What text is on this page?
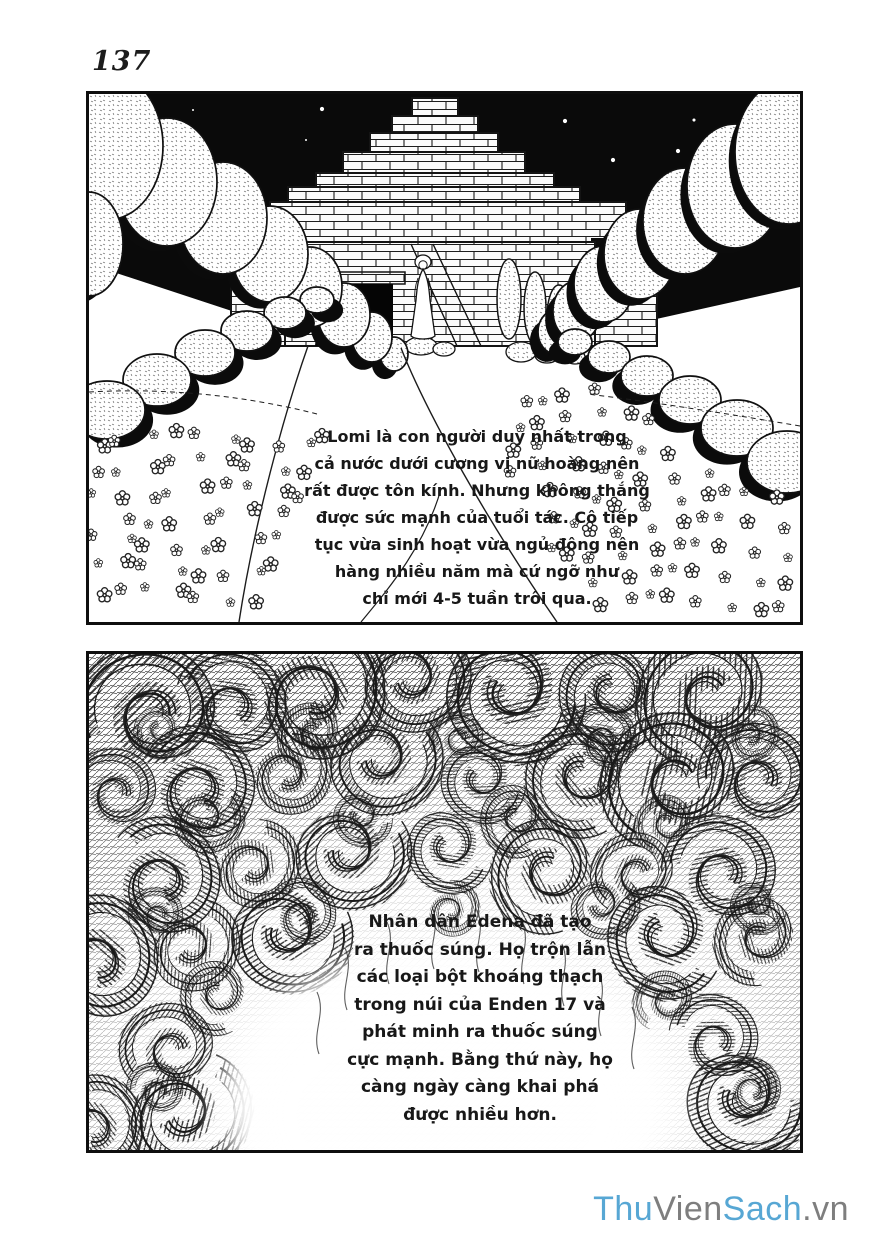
137
Lomi là con người duy nhất trong
cả nước dưới cương vị nữ hoàng nên
rất được tôn kính. Nhưng không thắng
được sức mạnh của tuổi tác. Cô tiếp
tục vừa sinh hoạt vừa ngủ đông nên
hàng nhiều năm mà cứ ngỡ như
chỉ mới 4-5 tuần trôi qua.
Nhân dân Edena đã tạo
ra thuốc súng. Họ trộn lẫn
các loại bột khoáng thạch
trong núi của Enden 17 và
phát minh ra thuốc súng
cực mạnh. Bằng thứ này, họ
càng ngày càng khai phá
được nhiều hơn.
ThuVienSach.vn
